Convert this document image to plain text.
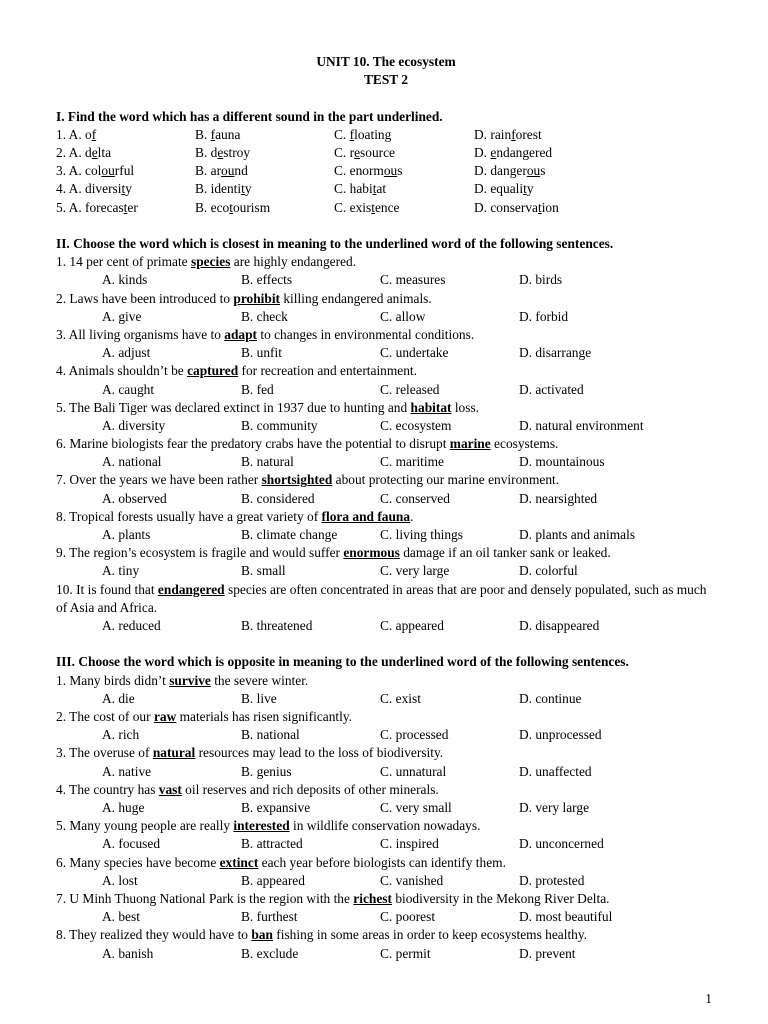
UNIT 10. The ecosystem
TEST 2
I. Find the word which has a different sound in the part underlined.
1. A. of	B. fauna	C. floating	D. rainforest
2. A. delta	B. destroy	C. resource	D. endangered
3. A. colourful	B. around	C. enormous	D. dangerous
4. A. diversity	B. identity	C. habitat	D. equality
5. A. forecaster	B. ecotourism	C. existence	D. conservation
II. Choose the word which is closest in meaning to the underlined word of the following sentences.
1. 14 per cent of primate species are highly endangered.
A. kinds	B. effects	C. measures	D. birds
2. Laws have been introduced to prohibit killing endangered animals.
A. give	B. check	C. allow	D. forbid
3. All living organisms have to adapt to changes in environmental conditions.
A. adjust	B. unfit	C. undertake	D. disarrange
4. Animals shouldn’t be captured for recreation and entertainment.
A. caught	B. fed	C. released	D. activated
5. The Bali Tiger was declared extinct in 1937 due to hunting and habitat loss.
A. diversity	B. community	C. ecosystem	D. natural environment
6. Marine biologists fear the predatory crabs have the potential to disrupt marine ecosystems.
A. national	B. natural	C. maritime	D. mountainous
7. Over the years we have been rather shortsighted about protecting our marine environment.
A. observed	B. considered	C. conserved	D. nearsighted
8. Tropical forests usually have a great variety of flora and fauna.
A. plants	B. climate change	C. living things	D. plants and animals
9. The region’s ecosystem is fragile and would suffer enormous damage if an oil tanker sank or leaked.
A. tiny	B. small	C. very large	D. colorful
10. It is found that endangered species are often concentrated in areas that are poor and densely populated, such as much of Asia and Africa.
A. reduced	B. threatened	C. appeared	D. disappeared
III. Choose the word which is opposite in meaning to the underlined word of the following sentences.
1. Many birds didn’t survive the severe winter.
A. die	B. live	C. exist	D. continue
2. The cost of our raw materials has risen significantly.
A. rich	B. national	C. processed	D. unprocessed
3. The overuse of natural resources may lead to the loss of biodiversity.
A. native	B. genius	C. unnatural	D. unaffected
4. The country has vast oil reserves and rich deposits of other minerals.
A. huge	B. expansive	C. very small	D. very large
5. Many young people are really interested in wildlife conservation nowadays.
A. focused	B. attracted	C. inspired	D. unconcerned
6. Many species have become extinct each year before biologists can identify them.
A. lost	B. appeared	C. vanished	D. protested
7. U Minh Thuong National Park is the region with the richest biodiversity in the Mekong River Delta.
A. best	B. furthest	C. poorest	D. most beautiful
8. They realized they would have to ban fishing in some areas in order to keep ecosystems healthy.
A. banish	B. exclude	C. permit	D. prevent
1
